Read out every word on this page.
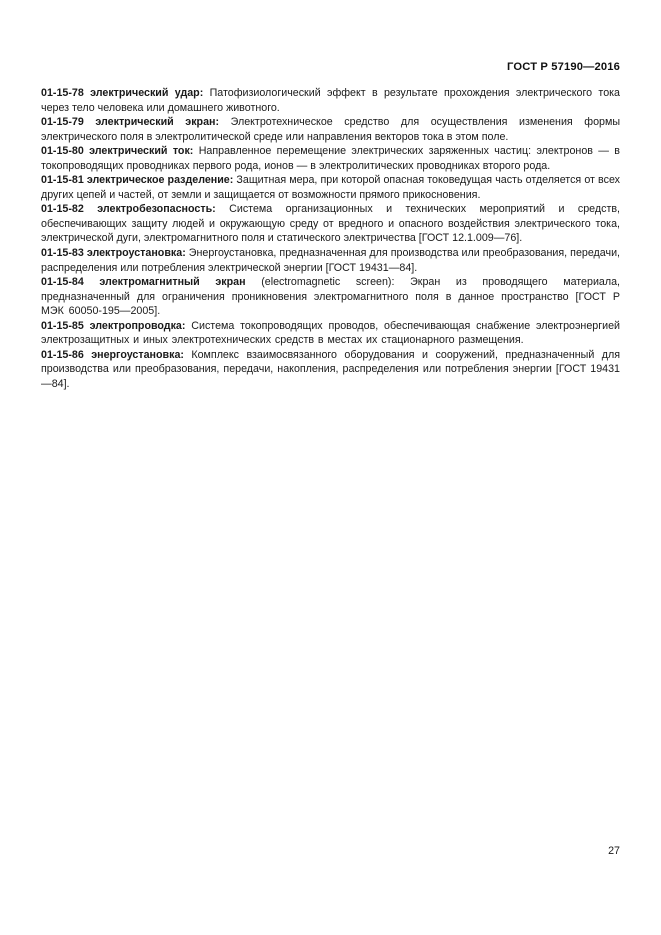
ГОСТ Р 57190—2016

01-15-78 электрический удар: Патофизиологический эффект в результате прохождения электрического тока через тело человека или домашнего животного.

01-15-79 электрический экран: Электротехническое средство для осуществления изменения формы электрического поля в электролитической среде или направления векторов тока в этом поле.

01-15-80 электрический ток: Направленное перемещение электрических заряженных частиц: электронов — в токопроводящих проводниках первого рода, ионов — в электролитических проводниках второго рода.

01-15-81 электрическое разделение: Защитная мера, при которой опасная токоведущая часть отделяется от всех других цепей и частей, от земли и защищается от возможности прямого прикосновения.

01-15-82 электробезопасность: Система организационных и технических мероприятий и средств, обеспечивающих защиту людей и окружающую среду от вредного и опасного воздействия электрического тока, электрической дуги, электромагнитного поля и статического электричества [ГОСТ 12.1.009—76].

01-15-83 электроустановка: Энергоустановка, предназначенная для производства или преобразования, передачи, распределения или потребления электрической энергии [ГОСТ 19431—84].

01-15-84 электромагнитный экран (electromagnetic screen): Экран из проводящего материала, предназначенный для ограничения проникновения электромагнитного поля в данное пространство [ГОСТ Р МЭК 60050-195—2005].

01-15-85 электропроводка: Система токопроводящих проводов, обеспечивающая снабжение электроэнергией электрозащитных и иных электротехнических средств в местах их стационарного размещения.

01-15-86 энергоустановка: Комплекс взаимосвязанного оборудования и сооружений, предназначенный для производства или преобразования, передачи, накопления, распределения или потребления энергии [ГОСТ 19431—84].

27
